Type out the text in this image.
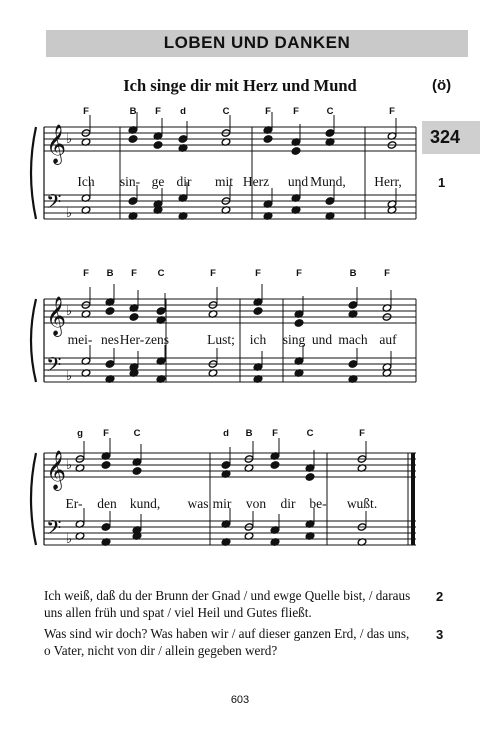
LOBEN UND DANKEN
Ich singe dir mit Herz und Mund	(ö)
324
1
𝄞 ♭
𝄢 ♭
𝄞 ♭
𝄢 ♭
𝄞 ♭
𝄢 ♭
F	B F d	C	F F	C	F
F B F C	F	F	F	B	F
g F	C	d B F	C	F
Ich sin- ge dir mit Herz und Mund, Herr,
mei- nes Her- zens	Lust; ich sing und mach auf
Er- den kund, was mir von dir be- wußt.
Ich weiß, daß du der Brunn der Gnad / und ewge Quelle bist, / daraus uns allen früh und spat / viel Heil und Gutes fließt.
2
Was sind wir doch? Was haben wir / auf dieser ganzen Erd, / das uns, o Vater, nicht von dir / allein gegeben werd?
3
603
